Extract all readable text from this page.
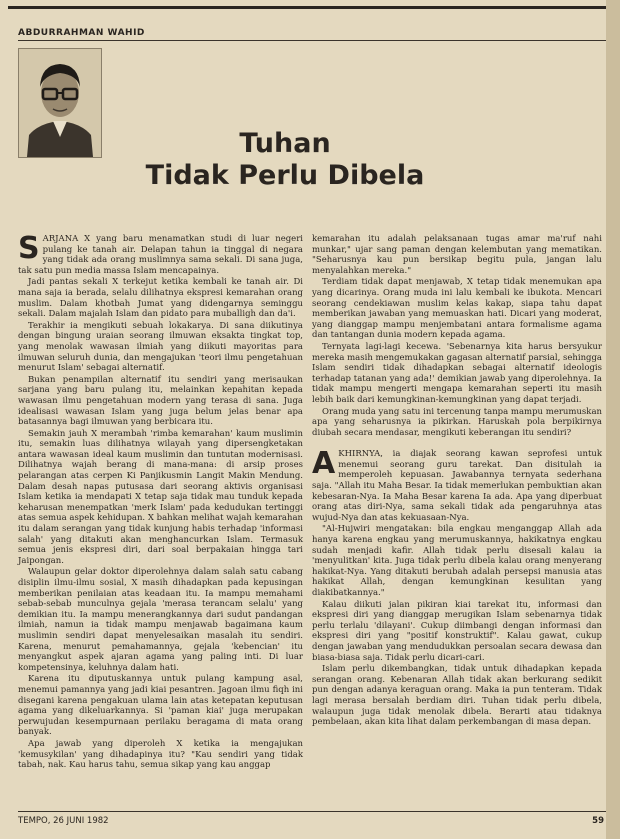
ABDURRAHMAN WAHID
Tuhan
Tidak Perlu Dibela

SARJANA X yang baru menamatkan studi di luar negeri pulang ke tanah air. Delapan tahun ia tinggal di negara yang tidak ada orang muslimnya sama sekali. Di sana juga, tak satu pun media massa Islam mencapainya.

Jadi pantas sekali X terkejut ketika kembali ke tanah air. Di mana saja ia berada, selalu dilihatnya ekspresi kemarahan orang muslim. Dalam khotbah Jumat yang didengarnya seminggu sekali. Dalam majalah Islam dan pidato para muballigh dan da'i.

Terakhir ia mengikuti sebuah lokakarya. Di sana diikutinya dengan bingung uraian seorang ilmuwan eksakta tingkat top, yang menolak wawasan ilmiah yang diikuti mayoritas para ilmuwan seluruh dunia, dan mengajukan 'teori ilmu pengetahuan menurut Islam' sebagai alternatif.

Bukan penampilan alternatif itu sendiri yang merisaukan sarjana yang baru pulang itu, melainkan kepahitan kepada wawasan ilmu pengetahuan modern yang terasa di sana. Juga idealisasi wawasan Islam yang juga belum jelas benar apa batasannya bagi ilmuwan yang berbicara itu.

Semakin jauh X merambah 'rimba kemarahan' kaum muslimin itu, semakin luas dilihatnya wilayah yang dipersengketakan antara wawasan ideal kaum muslimin dan tuntutan modernisasi. Dilihatnya wajah berang di mana-mana: di arsip proses pelarangan atas cerpen Ki Panjikusmin Langit Makin Mendung. Dalam desah napas putusasa dari seorang aktivis organisasi Islam ketika ia mendapati X tetap saja tidak mau tunduk kepada keharusan menempatkan 'merk Islam' pada kedudukan tertinggi atas semua aspek kehidupan. X bahkan melihat wajah kemarahan itu dalam serangan yang tidak kunjung habis terhadap 'informasi salah' yang ditakuti akan menghancurkan Islam. Termasuk semua jenis ekspresi diri, dari soal berpakaian hingga tari Jaipongan.

Walaupun gelar doktor diperolehnya dalam salah satu cabang disiplin ilmu-ilmu sosial, X masih dihadapkan pada kepusingan memberikan penilaian atas keadaan itu. Ia mampu memahami sebab-sebab munculnya gejala 'merasa terancam selalu' yang demikian itu. Ia mampu menerangkannya dari sudut pandangan ilmiah, namun ia tidak mampu menjawab bagaimana kaum muslimin sendiri dapat menyelesaikan masalah itu sendiri. Karena, menurut pemahamannya, gejala 'kebencian' itu menyangkut aspek ajaran agama yang paling inti. Di luar kompetensinya, keluhnya dalam hati.

Karena itu diputuskannya untuk pulang kampung asal, menemui pamannya yang jadi kiai pesantren. Jagoan ilmu fiqh ini disegani karena pengakuan ulama lain atas ketepatan keputusan agama yang dikeluarkannya. Si 'paman kiai' juga merupakan perwujudan kesempurnaan perilaku beragama di mata orang banyak.

Apa jawab yang diperoleh X ketika ia mengajukan 'kemusykilan' yang dihadapinya itu? "Kau sendiri yang tidak tabah, nak. Kau harus tahu, semua sikap yang kau anggap

kemarahan itu adalah pelaksanaan tugas amar ma'ruf nahi munkar," ujar sang paman dengan kelembutan yang mematikan. "Seharusnya kau pun bersikap begitu pula, jangan lalu menyalahkan mereka."

Terdiam tidak dapat menjawab, X tetap tidak menemukan apa yang dicarinya. Orang muda ini lalu kembali ke ibukota. Mencari seorang cendekiawan muslim kelas kakap, siapa tahu dapat memberikan jawaban yang memuaskan hati. Dicari yang moderat, yang dianggap mampu menjembatani antara formalisme agama dan tantangan dunia modern kepada agama.

Ternyata lagi-lagi kecewa. 'Sebenarnya kita harus bersyukur mereka masih mengemukakan gagasan alternatif parsial, sehingga Islam sendiri tidak dihadapkan sebagai alternatif ideologis terhadap tatanan yang ada!' demikian jawab yang diperolehnya. Ia tidak mampu mengerti mengapa kemarahan seperti itu masih lebih baik dari kemungkinan-kemungkinan yang dapat terjadi.

Orang muda yang satu ini tercenung tanpa mampu merumuskan apa yang seharusnya ia pikirkan. Haruskah pola berpikirnya diubah secara mendasar, mengikuti keberangan itu sendiri?

AKHIRNYA, ia diajak seorang kawan seprofesi untuk menemui seorang guru tarekat. Dan disitulah ia memperoleh kepuasan. Jawabannya ternyata sederhana saja. "Allah itu Maha Besar. Ia tidak memerlukan pembuktian akan kebesaran-Nya. Ia Maha Besar karena Ia ada. Apa yang diperbuat orang atas diri-Nya, sama sekali tidak ada pengaruhnya atas wujud-Nya dan atas kekuasaan-Nya.

"Al-Hujwiri mengatakan: bila engkau menganggap Allah ada hanya karena engkau yang merumuskannya, hakikatnya engkau sudah menjadi kafir. Allah tidak perlu disesali kalau ia 'menyulitkan' kita. Juga tidak perlu dibela kalau orang menyerang hakikat-Nya. Yang ditakuti berubah adalah persepsi manusia atas hakikat Allah, dengan kemungkinan kesulitan yang diakibatkannya."

Kalau diikuti jalan pikiran kiai tarekat itu, informasi dan ekspresi diri yang dianggap merugikan Islam sebenarnya tidak perlu terlalu 'dilayani'. Cukup diimbangi dengan informasi dan ekspresi diri yang "positif konstruktif". Kalau gawat, cukup dengan jawaban yang mendudukkan persoalan secara dewasa dan biasa-biasa saja. Tidak perlu dicari-cari.

Islam perlu dikembangkan, tidak untuk dihadapkan kepada serangan orang. Kebenaran Allah tidak akan berkurang sedikit pun dengan adanya keraguan orang. Maka ia pun tenteram. Tidak lagi merasa bersalah berdiam diri. Tuhan tidak perlu dibela, walaupun juga tidak menolak dibela. Berarti atau tidaknya pembelaan, akan kita lihat dalam perkembangan di masa depan.

TEMPO, 26 JUNI 1982	59
